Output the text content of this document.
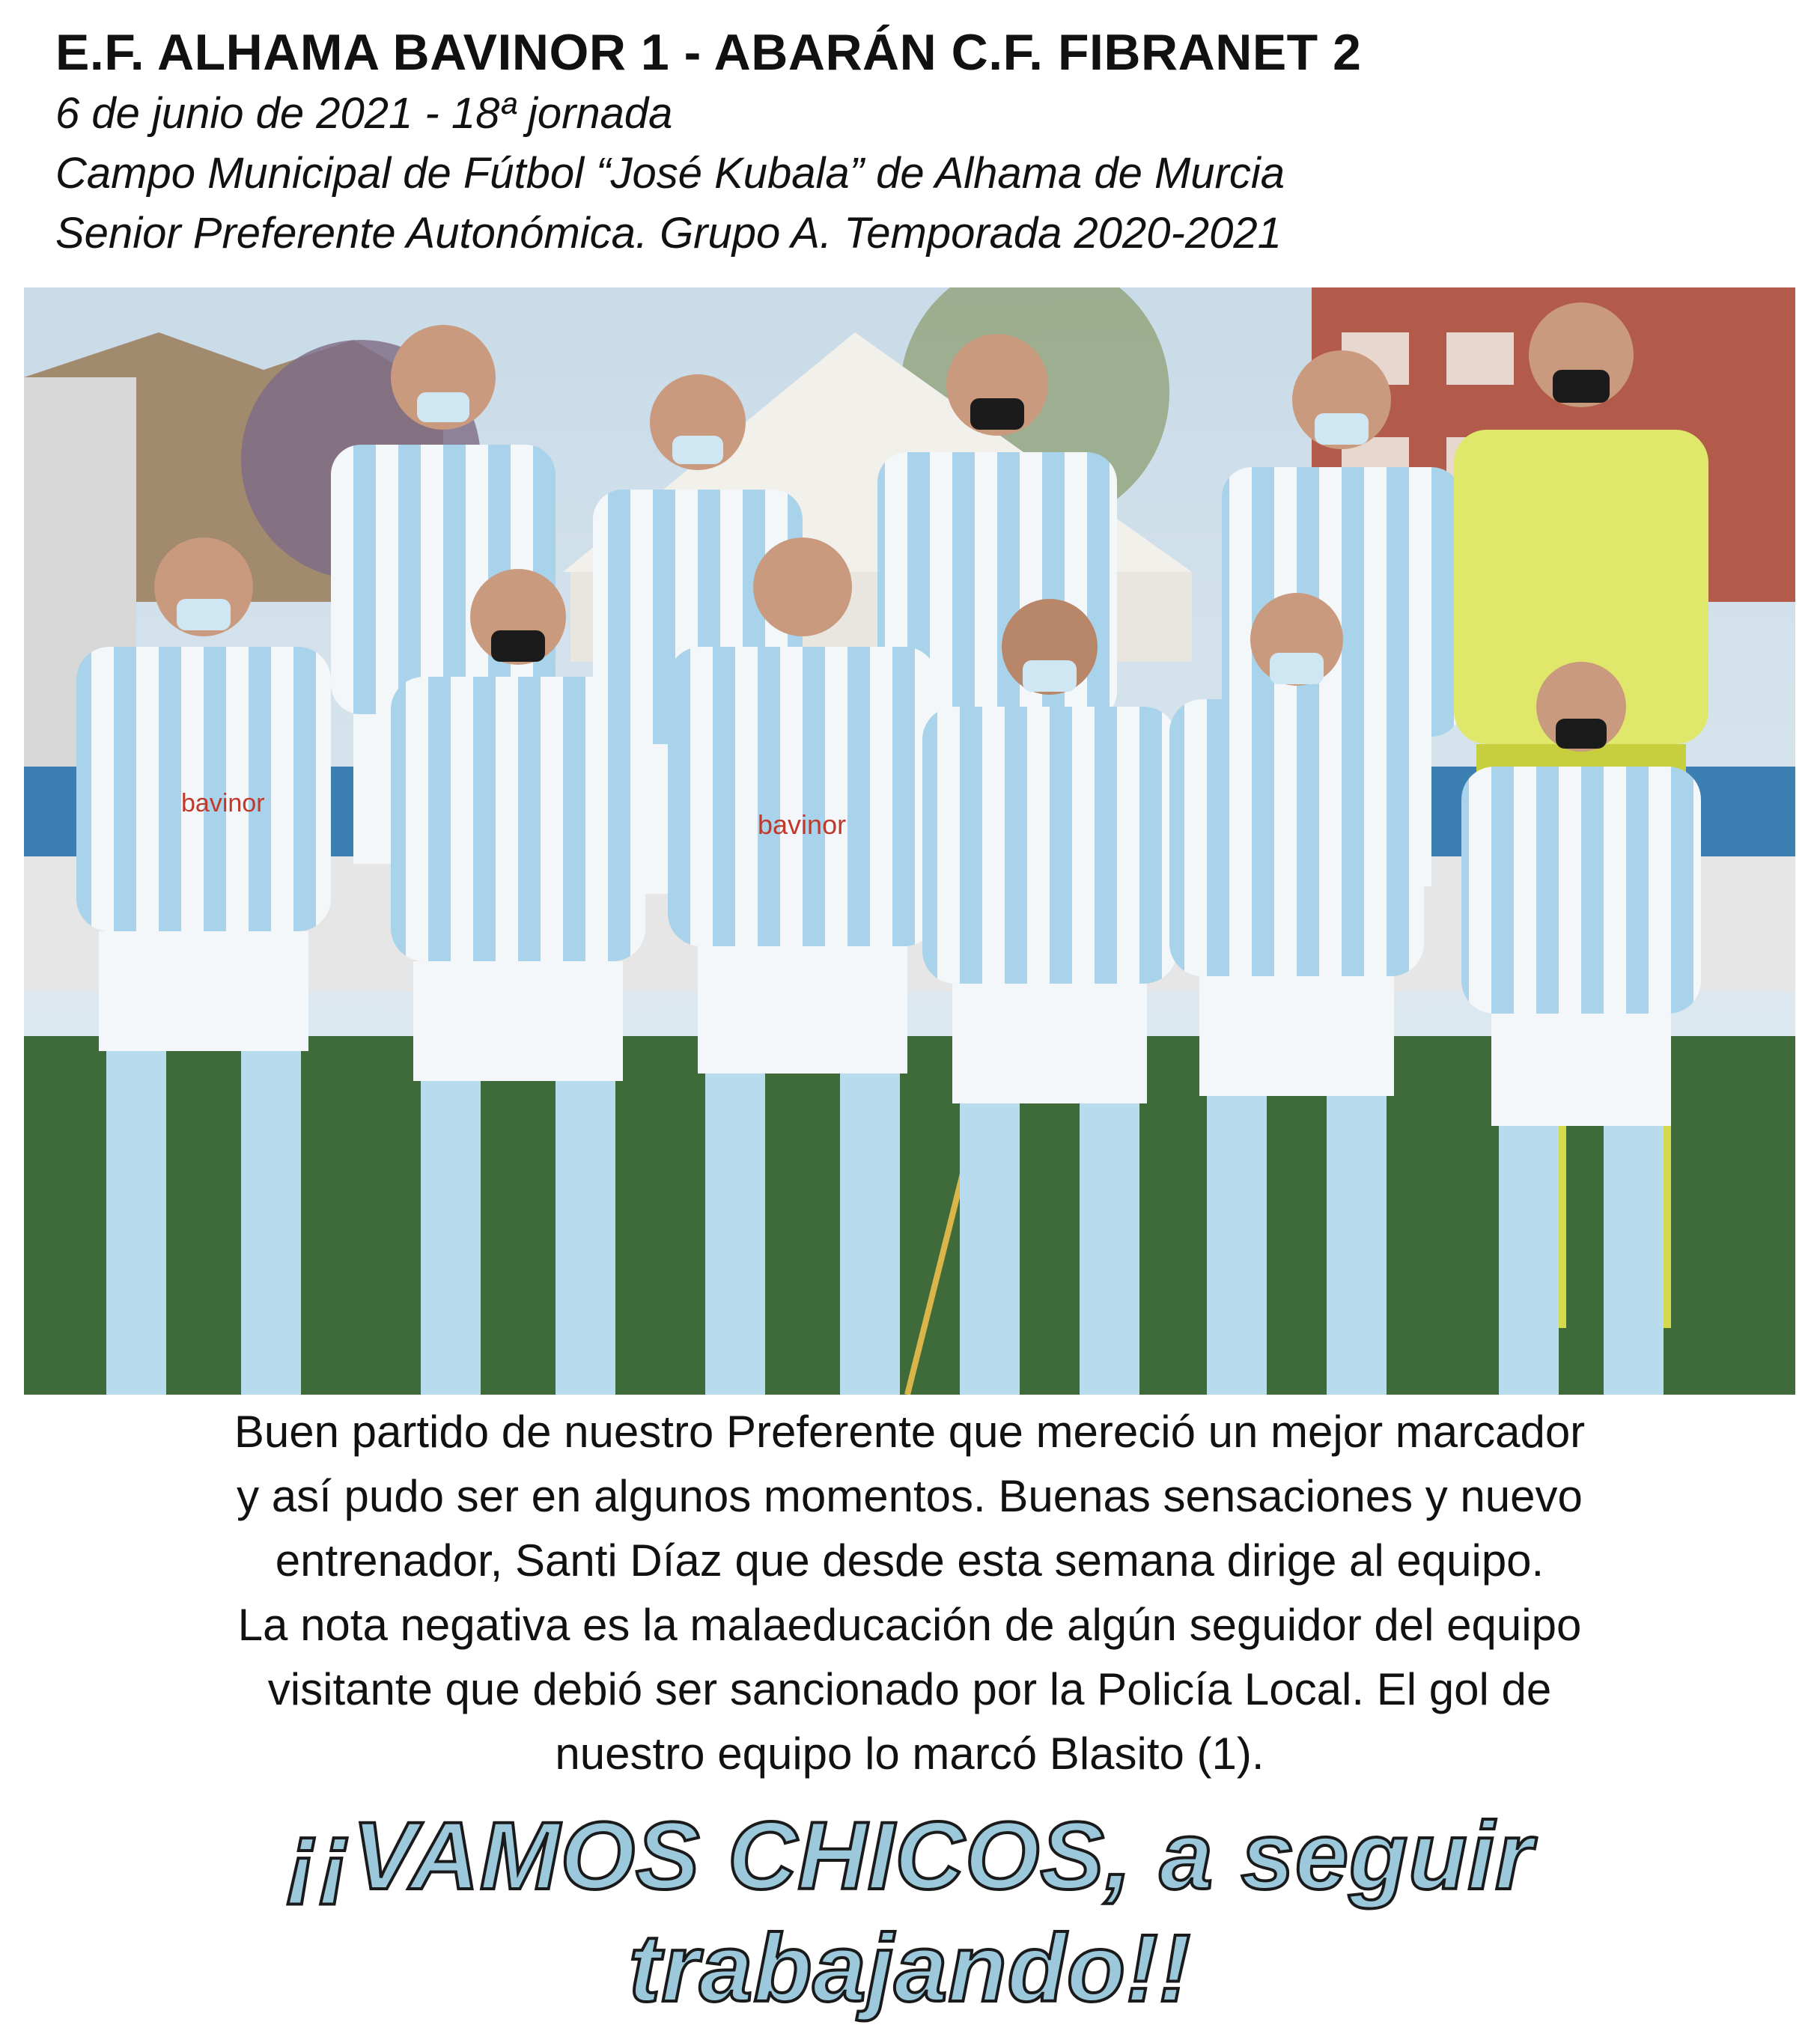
E.F. ALHAMA BAVINOR 1 - ABARÁN C.F. FIBRANET 2

6 de junio de 2021 - 18ª jornada

Campo Municipal de Fútbol “José Kubala” de Alhama de Murcia

Senior Preferente Autonómica. Grupo A. Temporada 2020-2021

bavinor
bavinor
Buen partido de nuestro Preferente que mereció un mejor marcador
y así pudo ser en algunos momentos. Buenas sensaciones y nuevo
entrenador, Santi Díaz que desde esta semana dirige al equipo.
La nota negativa es la malaeducación de algún seguidor del equipo
visitante que debió ser sancionado por la Policía Local. El gol de
nuestro equipo lo marcó Blasito (1).
¡¡VAMOS CHICOS, a seguir trabajando!!
